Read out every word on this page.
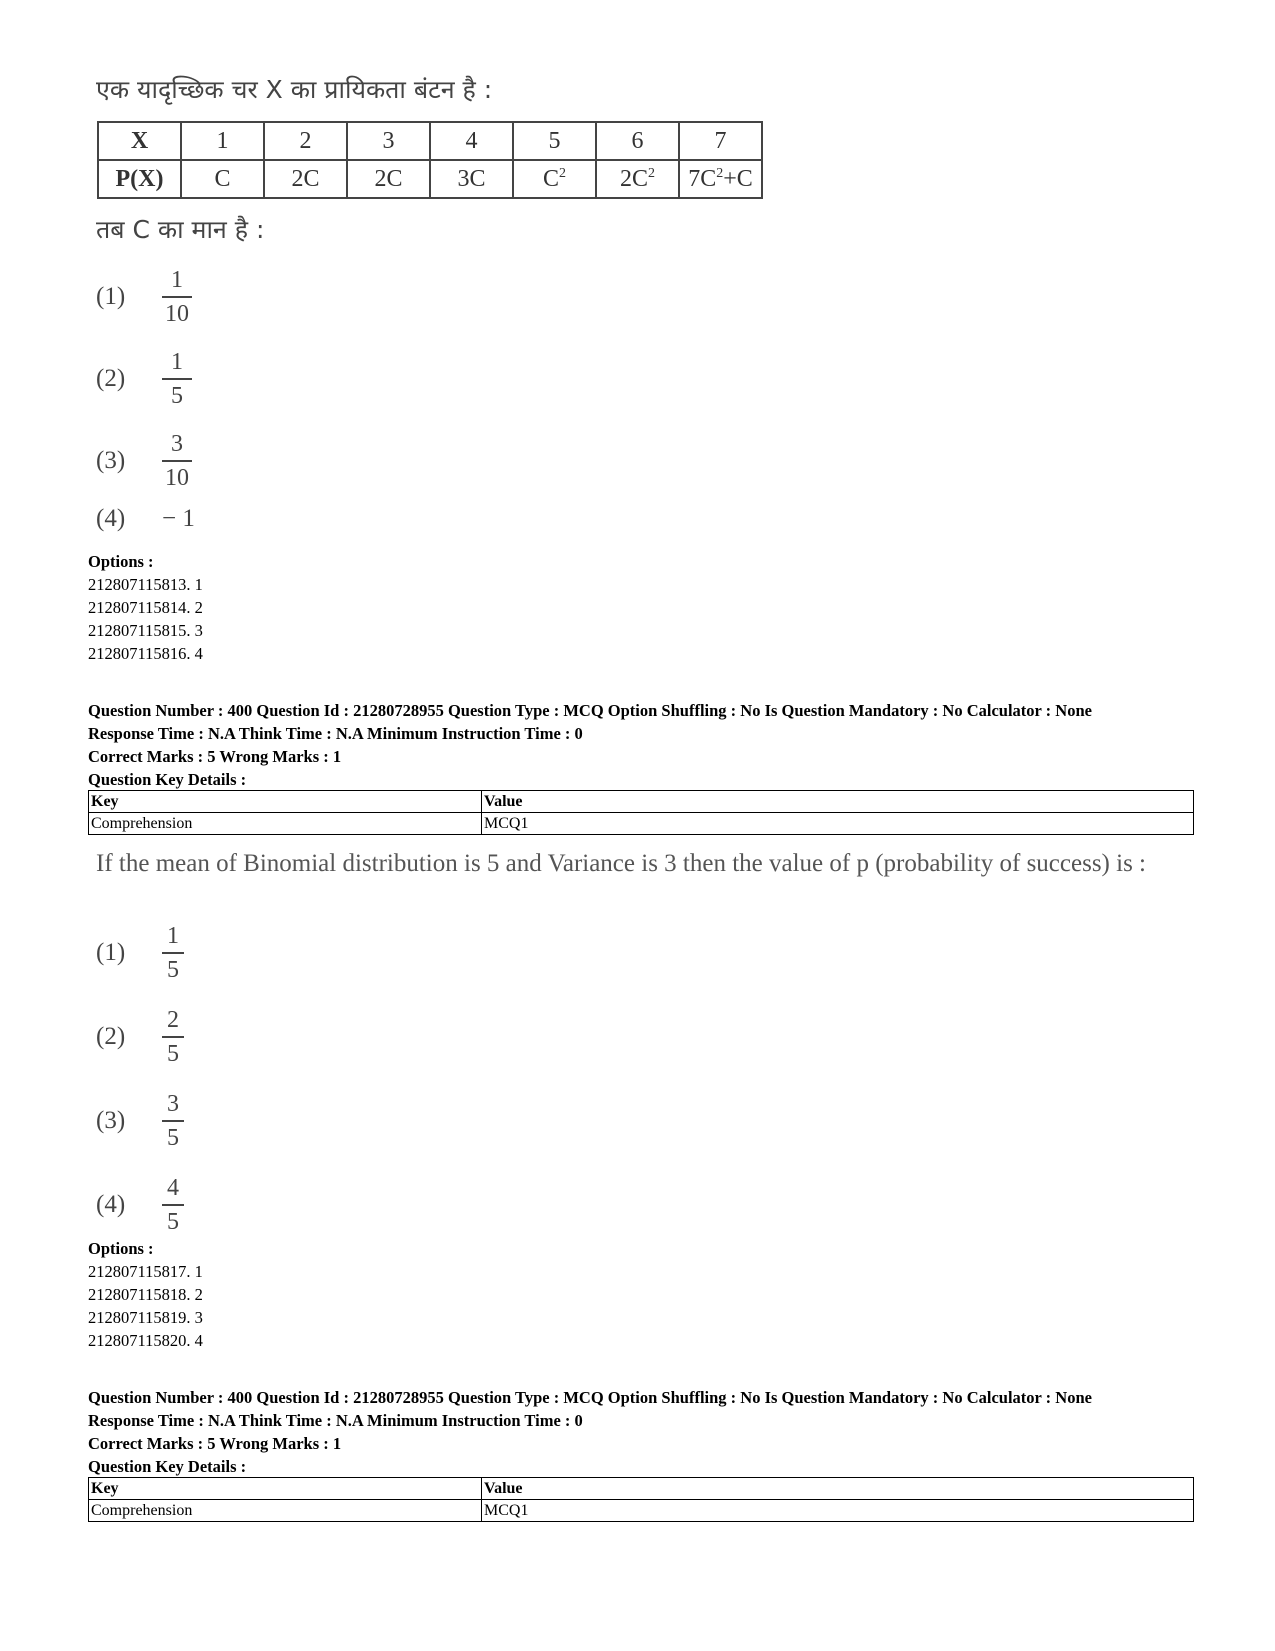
एक यादृच्छिक चर X का प्रायिकता बंटन है :
X	1	2	3	4	5	6	7
P(X)	C	2C	2C	3C	$C^2$	$2C^2$	$7C^2+C$
तब C का मान है :
(1)	$\frac{1}{10}$
(2)	$\frac{1}{5}$
(3)	$\frac{3}{10}$
(4)	− 1
Options :
212807115813. 1
212807115814. 2
212807115815. 3
212807115816. 4
Question Number : 400 Question Id : 21280728955 Question Type : MCQ Option Shuffling : No Is Question Mandatory : No Calculator : None
Response Time : N.A Think Time : N.A Minimum Instruction Time : 0
Correct Marks : 5 Wrong Marks : 1
Question Key Details :
Key	Value
Comprehension	MCQ1
If the mean of Binomial distribution is 5 and Variance is 3 then the value of p (probability of success) is :
(1)	$\frac{1}{5}$
(2)	$\frac{2}{5}$
(3)	$\frac{3}{5}$
(4)	$\frac{4}{5}$
Options :
212807115817. 1
212807115818. 2
212807115819. 3
212807115820. 4
Question Number : 400 Question Id : 21280728955 Question Type : MCQ Option Shuffling : No Is Question Mandatory : No Calculator : None
Response Time : N.A Think Time : N.A Minimum Instruction Time : 0
Correct Marks : 5 Wrong Marks : 1
Question Key Details :
Key	Value
Comprehension	MCQ1
